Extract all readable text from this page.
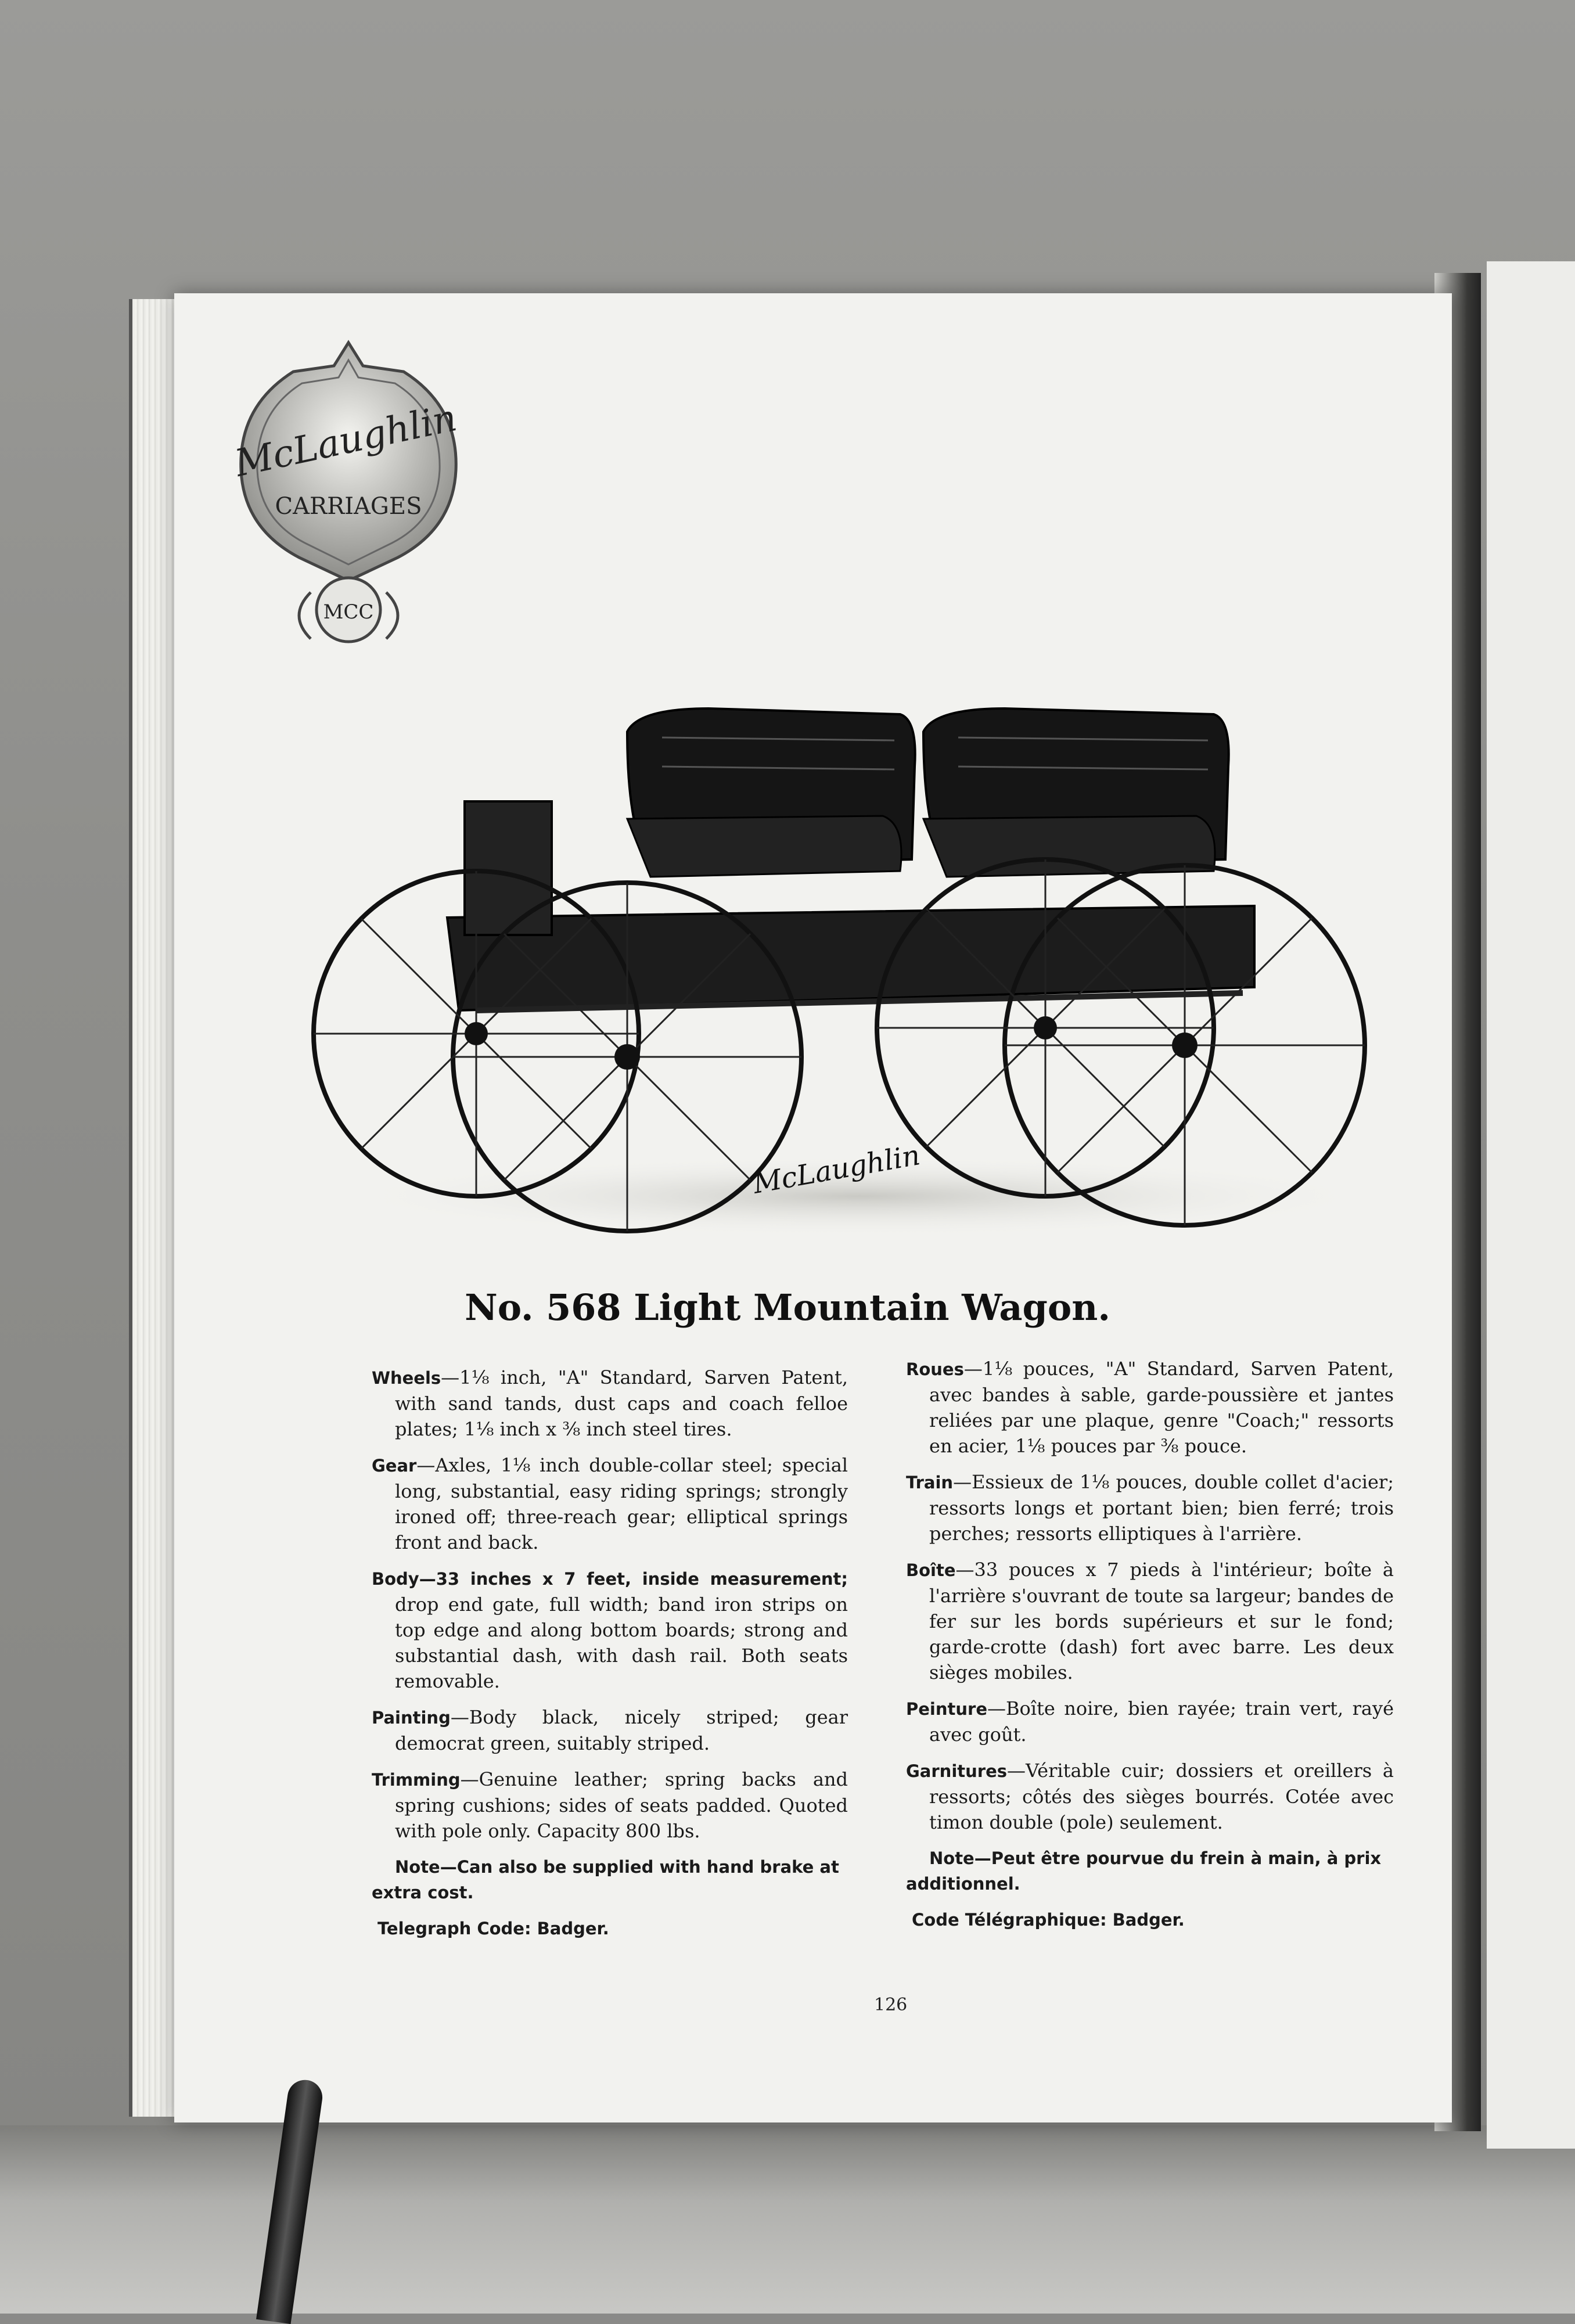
McLaughlin
CARRIAGES
MCC
McLaughlin
No. 568 Light Mountain Wagon.

Wheels—1⅛ inch, "A" Standard, Sarven Patent, with sand tands, dust caps and coach felloe plates; 1⅛ inch x ⅜ inch steel tires.

Gear—Axles, 1⅛ inch double-collar steel; special long, substantial, easy riding springs; strongly ironed off; three-reach gear; elliptical springs front and back.

Body—33 inches x 7 feet, inside measurement; drop end gate, full width; band iron strips on top edge and along bottom boards; strong and substantial dash, with dash rail. Both seats removable.

Painting—Body black, nicely striped; gear democrat green, suitably striped.

Trimming—Genuine leather; spring backs and spring cushions; sides of seats padded. Quoted with pole only. Capacity 800 lbs.

Note—Can also be supplied with hand brake at extra cost.

Telegraph Code: Badger.

Roues—1⅛ pouces, "A" Standard, Sarven Patent, avec bandes à sable, garde-poussière et jantes reliées par une plaque, genre "Coach;" ressorts en acier, 1⅛ pouces par ⅜ pouce.

Train—Essieux de 1⅛ pouces, double collet d'acier; ressorts longs et portant bien; bien ferré; trois perches; ressorts elliptiques à l'arrière.

Boîte—33 pouces x 7 pieds à l'intérieur; boîte à l'arrière s'ouvrant de toute sa largeur; bandes de fer sur les bords supérieurs et sur le fond; garde-crotte (dash) fort avec barre. Les deux sièges mobiles.

Peinture—Boîte noire, bien rayée; train vert, rayé avec goût.

Garnitures—Véritable cuir; dossiers et oreillers à ressorts; côtés des sièges bourrés. Cotée avec timon double (pole) seulement.

Note—Peut être pourvue du frein à main, à prix additionnel.

Code Télégraphique: Badger.

126
